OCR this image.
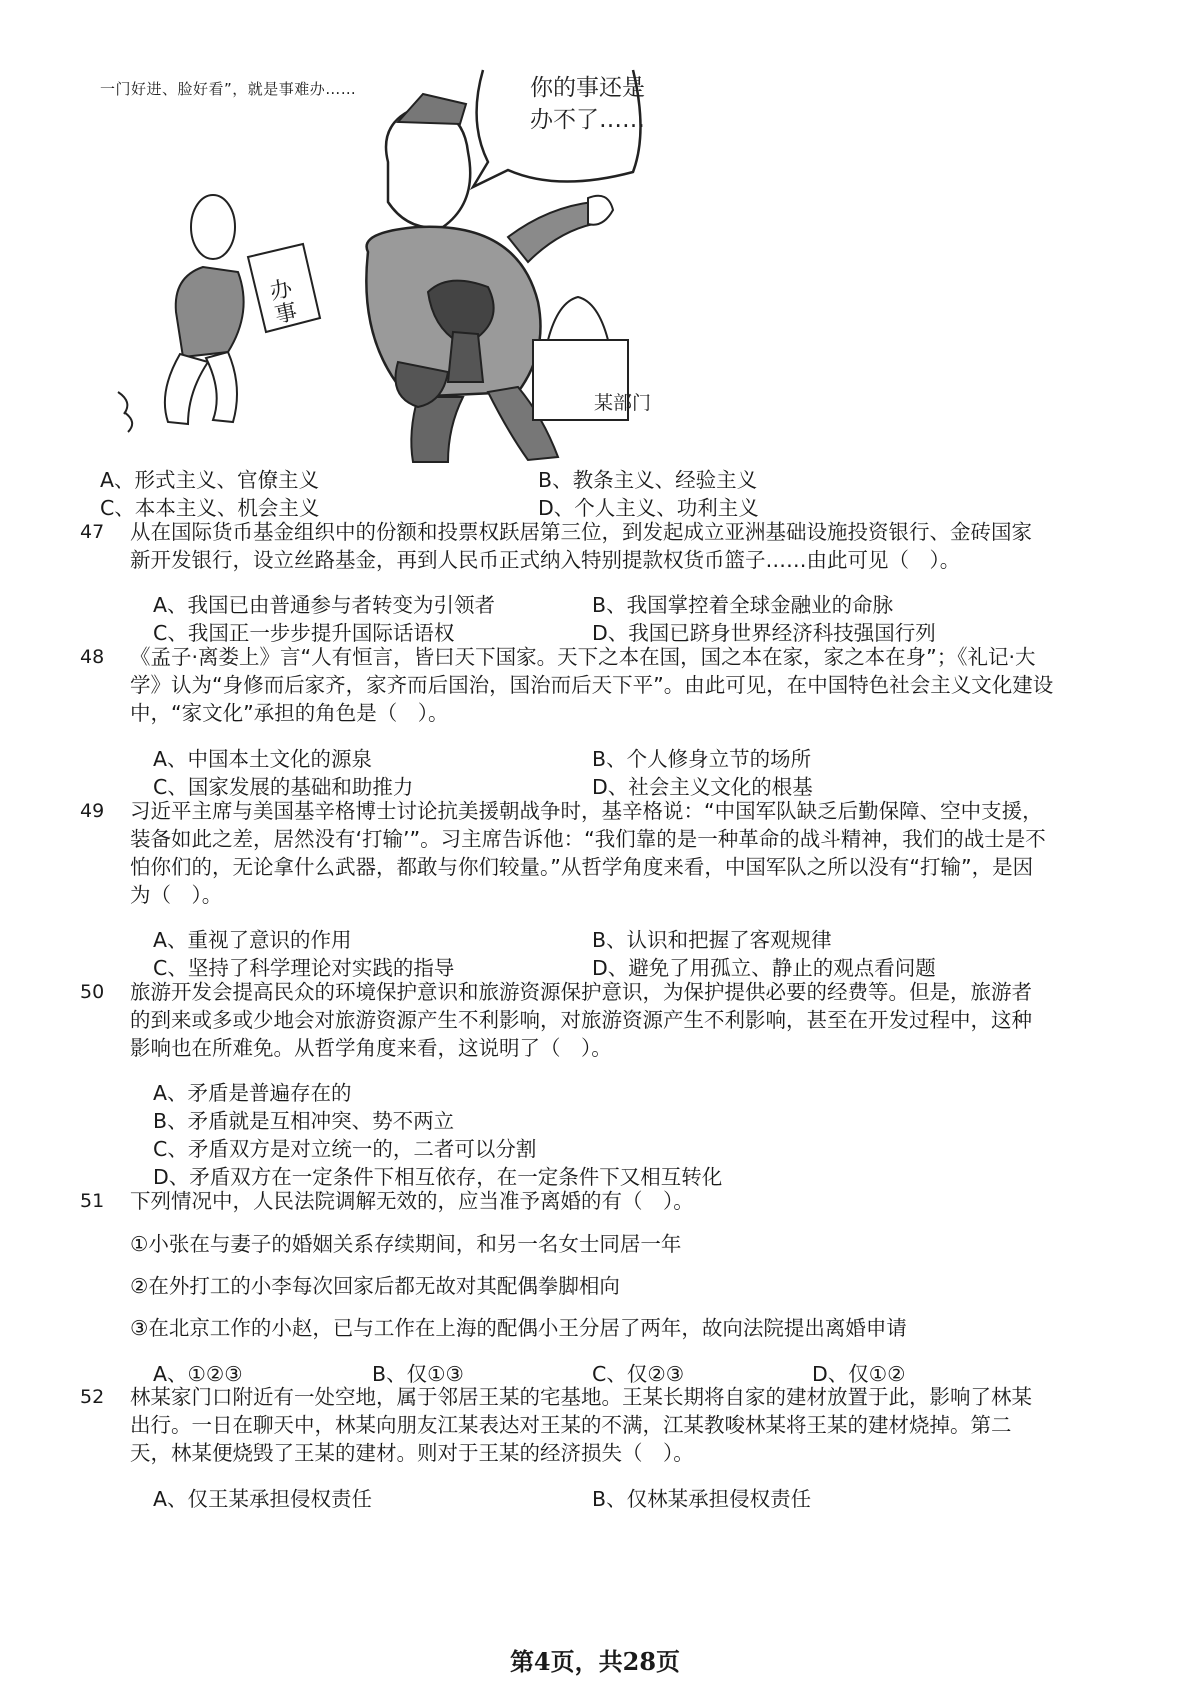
一门好进、脸好看”，就是事难办……	你的事还是
办不了……
办事
某部门
A、形式主义、官僚主义	B、教条主义、经验主义
C、本本主义、机会主义	D、个人主义、功利主义
47 从在国际货币基金组织中的份额和投票权跃居第三位，到发起成立亚洲基础设施投资银行、金砖国家
新开发银行，设立丝路基金，再到人民币正式纳入特别提款权货币篮子……由此可见（　）。
A、我国已由普通参与者转变为引领者	B、我国掌控着全球金融业的命脉
C、我国正一步步提升国际话语权	D、我国已跻身世界经济科技强国行列
48 《孟子·离娄上》言“人有恒言，皆曰天下国家。天下之本在国，国之本在家，家之本在身”；《礼记·大
学》认为“身修而后家齐，家齐而后国治，国治而后天下平”。由此可见，在中国特色社会主义文化建设
中，“家文化”承担的角色是（　）。
A、中国本土文化的源泉	B、个人修身立节的场所
C、国家发展的基础和助推力	D、社会主义文化的根基
49 习近平主席与美国基辛格博士讨论抗美援朝战争时，基辛格说：“中国军队缺乏后勤保障、空中支援，
装备如此之差，居然没有‘打输’”。习主席告诉他：“我们靠的是一种革命的战斗精神，我们的战士是不
怕你们的，无论拿什么武器，都敢与你们较量。”从哲学角度来看，中国军队之所以没有“打输”，是因
为（　）。
A、重视了意识的作用	B、认识和把握了客观规律
C、坚持了科学理论对实践的指导	D、避免了用孤立、静止的观点看问题
50 旅游开发会提高民众的环境保护意识和旅游资源保护意识，为保护提供必要的经费等。但是，旅游者
的到来或多或少地会对旅游资源产生不利影响，对旅游资源产生不利影响，甚至在开发过程中，这种
影响也在所难免。从哲学角度来看，这说明了（　）。
A、矛盾是普遍存在的
B、矛盾就是互相冲突、势不两立
C、矛盾双方是对立统一的，二者可以分割
D、矛盾双方在一定条件下相互依存，在一定条件下又相互转化
51 下列情况中，人民法院调解无效的，应当准予离婚的有（　）。
①小张在与妻子的婚姻关系存续期间，和另一名女士同居一年
②在外打工的小李每次回家后都无故对其配偶拳脚相向
③在北京工作的小赵，已与工作在上海的配偶小王分居了两年，故向法院提出离婚申请
A、①②③	B、仅①③	C、仅②③	D、仅①②
52 林某家门口附近有一处空地，属于邻居王某的宅基地。王某长期将自家的建材放置于此，影响了林某
出行。一日在聊天中，林某向朋友江某表达对王某的不满，江某教唆林某将王某的建材烧掉。第二
天，林某便烧毁了王某的建材。则对于王某的经济损失（　）。
A、仅王某承担侵权责任	B、仅林某承担侵权责任
第4页，共28页
